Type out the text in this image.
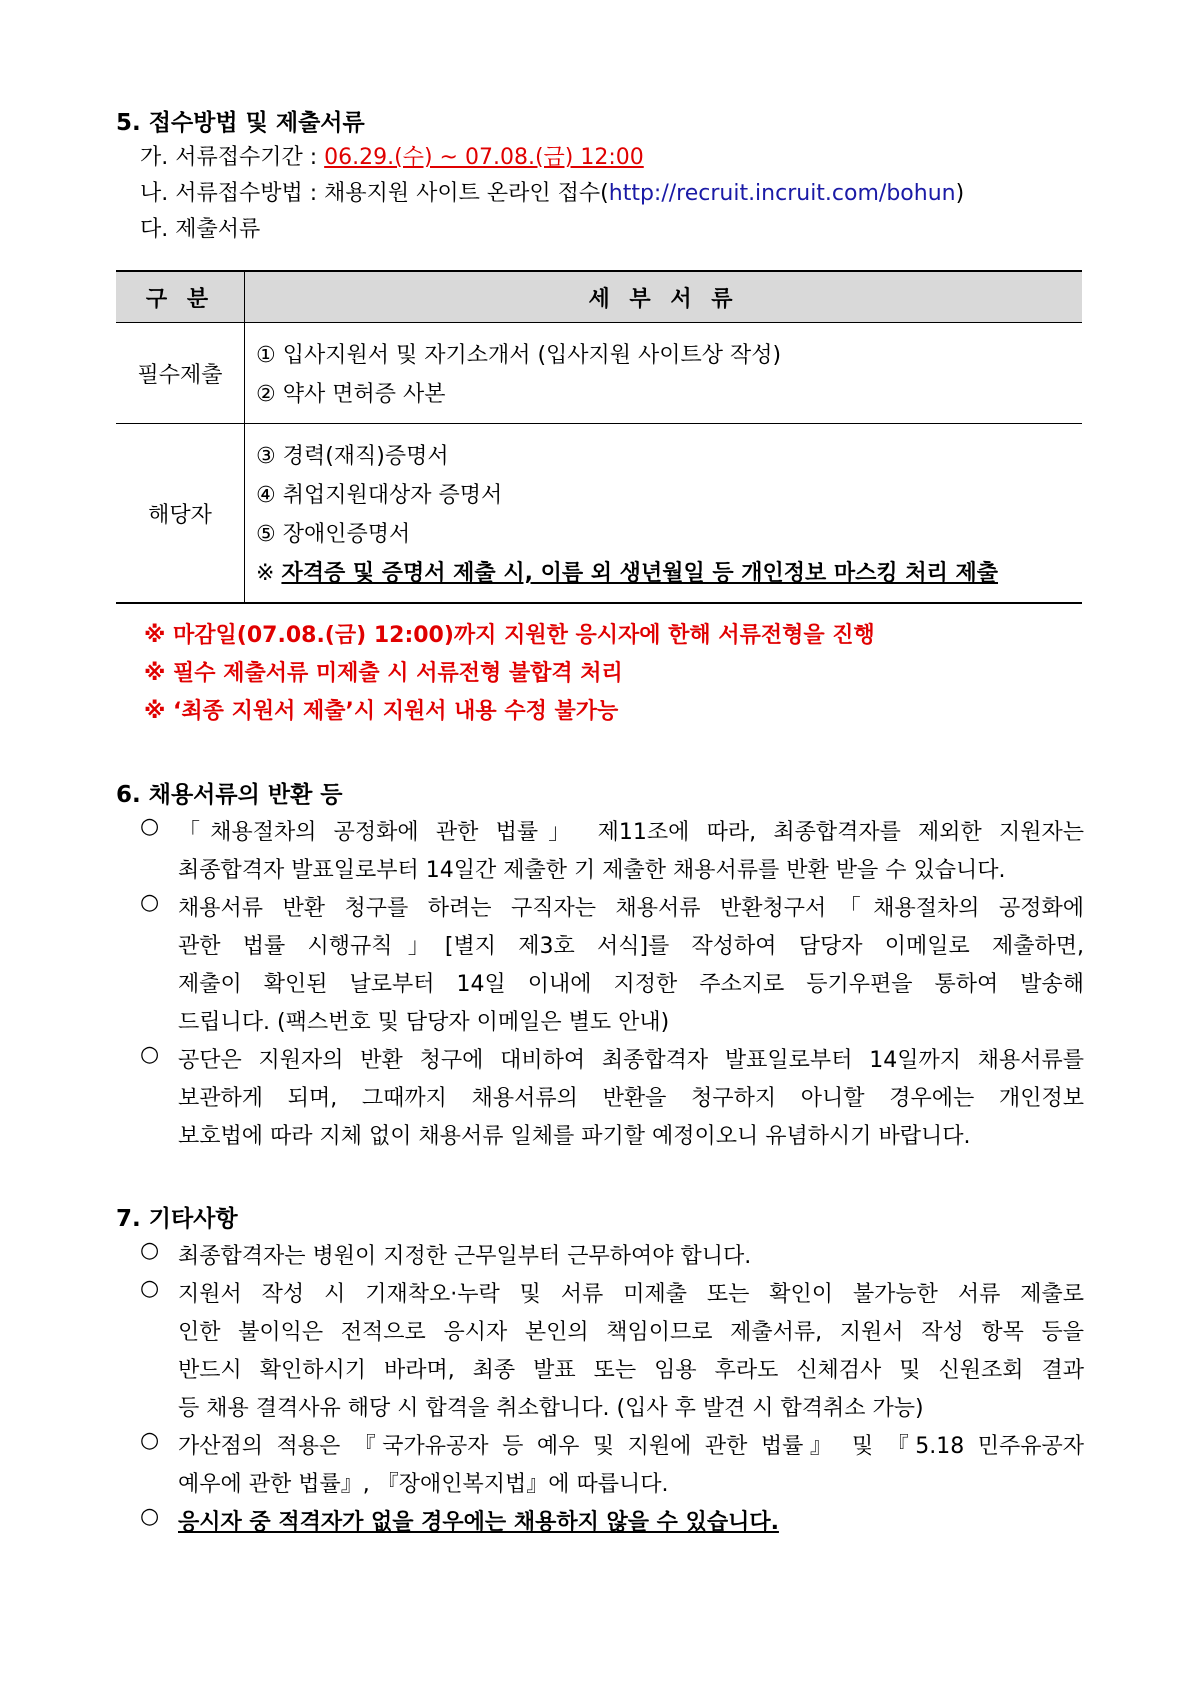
5. 접수방법 및 제출서류
가. 서류접수기간 : 06.29.(수) ~ 07.08.(금) 12:00
나. 서류접수방법 : 채용지원 사이트 온라인 접수(http://recruit.incruit.com/bohun)
다. 제출서류
구 분	세 부 서 류
필수제출	① 입사지원서 및 자기소개서 (입사지원 사이트상 작성)
② 약사 면허증 사본

해당자	③ 경력(재직)증명서
④ 취업지원대상자 증명서
⑤ 장애인증명서
※ 자격증 및 증명서 제출 시, 이름 외 생년월일 등 개인정보 마스킹 처리 제출
※ 마감일(07.08.(금) 12:00)까지 지원한 응시자에 한해 서류전형을 진행
※ 필수 제출서류 미제출 시 서류전형 불합격 처리
※ ‘최종 지원서 제출’시 지원서 내용 수정 불가능
6. 채용서류의 반환 등
○ 「채용절차의 공정화에 관한 법률」 제11조에 따라, 최종합격자를 제외한 지원자는
최종합격자 발표일로부터 14일간 제출한 기 제출한 채용서류를 반환 받을 수 있습니다.
○ 채용서류 반환 청구를 하려는 구직자는 채용서류 반환청구서「채용절차의 공정화에
관한 법률 시행규칙」[별지 제3호 서식]를 작성하여 담당자 이메일로 제출하면,
제출이 확인된 날로부터 14일 이내에 지정한 주소지로 등기우편을 통하여 발송해
드립니다. (팩스번호 및 담당자 이메일은 별도 안내)
○ 공단은 지원자의 반환 청구에 대비하여 최종합격자 발표일로부터 14일까지 채용서류를
보관하게 되며, 그때까지 채용서류의 반환을 청구하지 아니할 경우에는 개인정보
보호법에 따라 지체 없이 채용서류 일체를 파기할 예정이오니 유념하시기 바랍니다.
7. 기타사항
○ 최종합격자는 병원이 지정한 근무일부터 근무하여야 합니다.
○ 지원서 작성 시 기재착오·누락 및 서류 미제출 또는 확인이 불가능한 서류 제출로
인한 불이익은 전적으로 응시자 본인의 책임이므로 제출서류, 지원서 작성 항목 등을
반드시 확인하시기 바라며, 최종 발표 또는 임용 후라도 신체검사 및 신원조회 결과
등 채용 결격사유 해당 시 합격을 취소합니다. (입사 후 발견 시 합격취소 가능)
○ 가산점의 적용은 『국가유공자 등 예우 및 지원에 관한 법률』 및 『5.18 민주유공자
예우에 관한 법률』, 『장애인복지법』에 따릅니다.
○ 응시자 중 적격자가 없을 경우에는 채용하지 않을 수 있습니다.
